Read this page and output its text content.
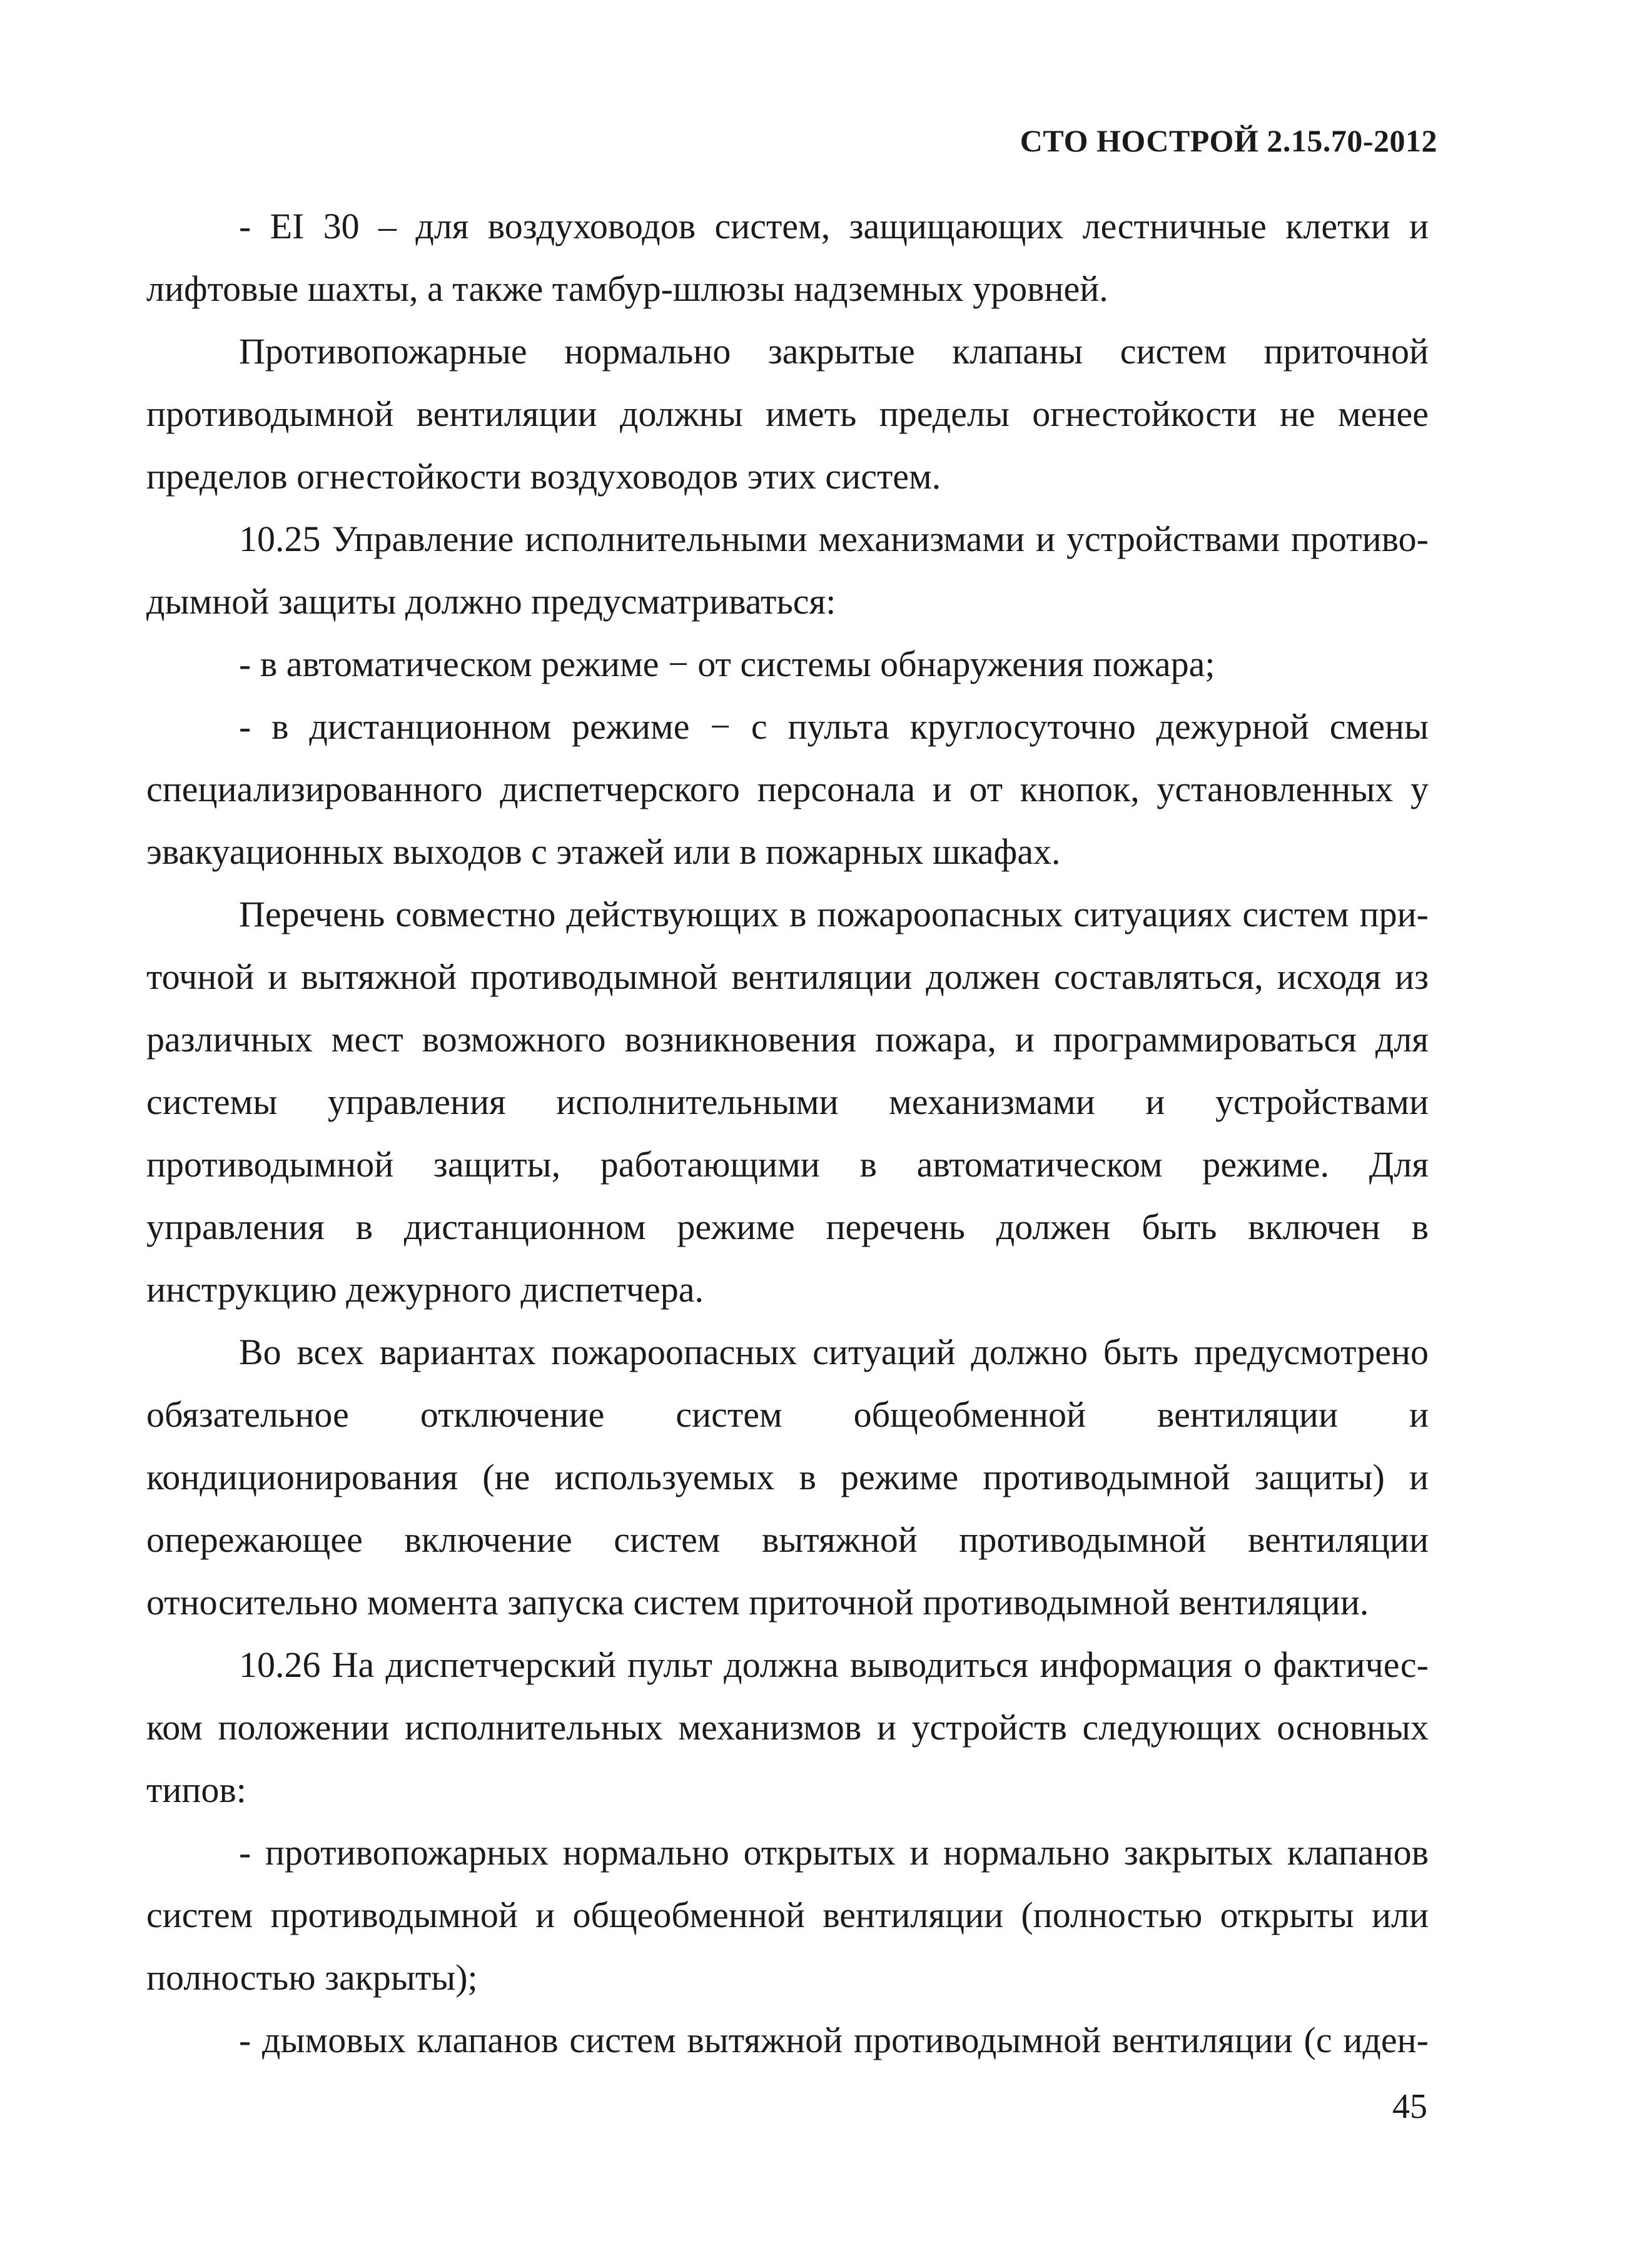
СТО НОСТРОЙ 2.15.70-2012

- EI 30 – для воздуховодов систем, защищающих лестничные клетки и лифтовые шахты, а также тамбур-шлюзы надземных уровней.

Противопожарные нормально закрытые клапаны систем приточной противодымной вентиляции должны иметь пределы огнестойкости не менее пределов огнестойкости воздуховодов этих систем.

10.25 Управление исполнительными механизмами и устройствами противодымной защиты должно предусматриваться:

- в автоматическом режиме − от системы обнаружения пожара;

- в дистанционном режиме − с пульта круглосуточно дежурной смены специализированного диспетчерского персонала и от кнопок, установленных у эвакуационных выходов с этажей или в пожарных шкафах.

Перечень совместно действующих в пожароопасных ситуациях систем приточной и вытяжной противодымной вентиляции должен составляться, исходя из различных мест возможного возникновения пожара, и программироваться для системы управления исполнительными механизмами и устройствами противодымной защиты, работающими в автоматическом режиме. Для управления в дистанционном режиме перечень должен быть включен в инструкцию дежурного диспетчера.

Во всех вариантах пожароопасных ситуаций должно быть предусмотрено обязательное отключение систем общеобменной вентиляции и кондиционирования (не используемых в режиме противодымной защиты) и опережающее включение систем вытяжной противодымной вентиляции относительно момента запуска систем приточной противодымной вентиляции.

10.26 На диспетчерский пульт должна выводиться информация о фактическом положении исполнительных механизмов и устройств следующих основных типов:

- противопожарных нормально открытых и нормально закрытых клапанов систем противодымной и общеобменной вентиляции (полностью открыты или полностью закрыты);

- дымовых клапанов систем вытяжной противодымной вентиляции (с иден-

45
